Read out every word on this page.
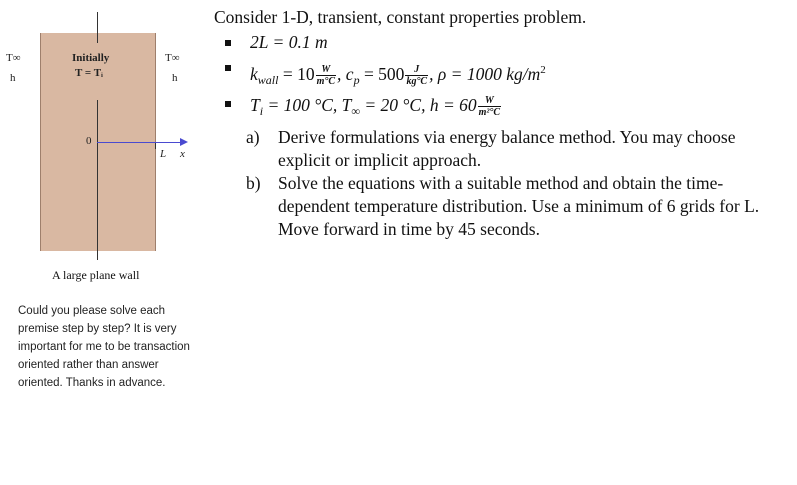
T∞
h
Initially
T = Tᵢ
T∞
h
0
L x
A large plane wall
Could you please solve each
premise step by step? It is very
important for me to be transaction
oriented rather than answer
oriented. Thanks in advance.
Consider 1-D, transient, constant properties problem.
2L = 0.1 m
$k_{wall} = 10 \frac{W}{m^\circ C}$ , $c_p = 500 \frac{J}{kg^\circ C}$ , ρ = 1000 $kg/m^2$
$T_i = 100$ °C, $T_\infty = 20$ °C, $h = 60 \frac{W}{\text{m²°C}}$
a) Derive formulations via energy balance method. You may choose explicit or implicit approach.
b) Solve the equations with a suitable method and obtain the time-dependent temperature distribution. Use a minimum of 6 grids for L. Move forward in time by 45 seconds.
